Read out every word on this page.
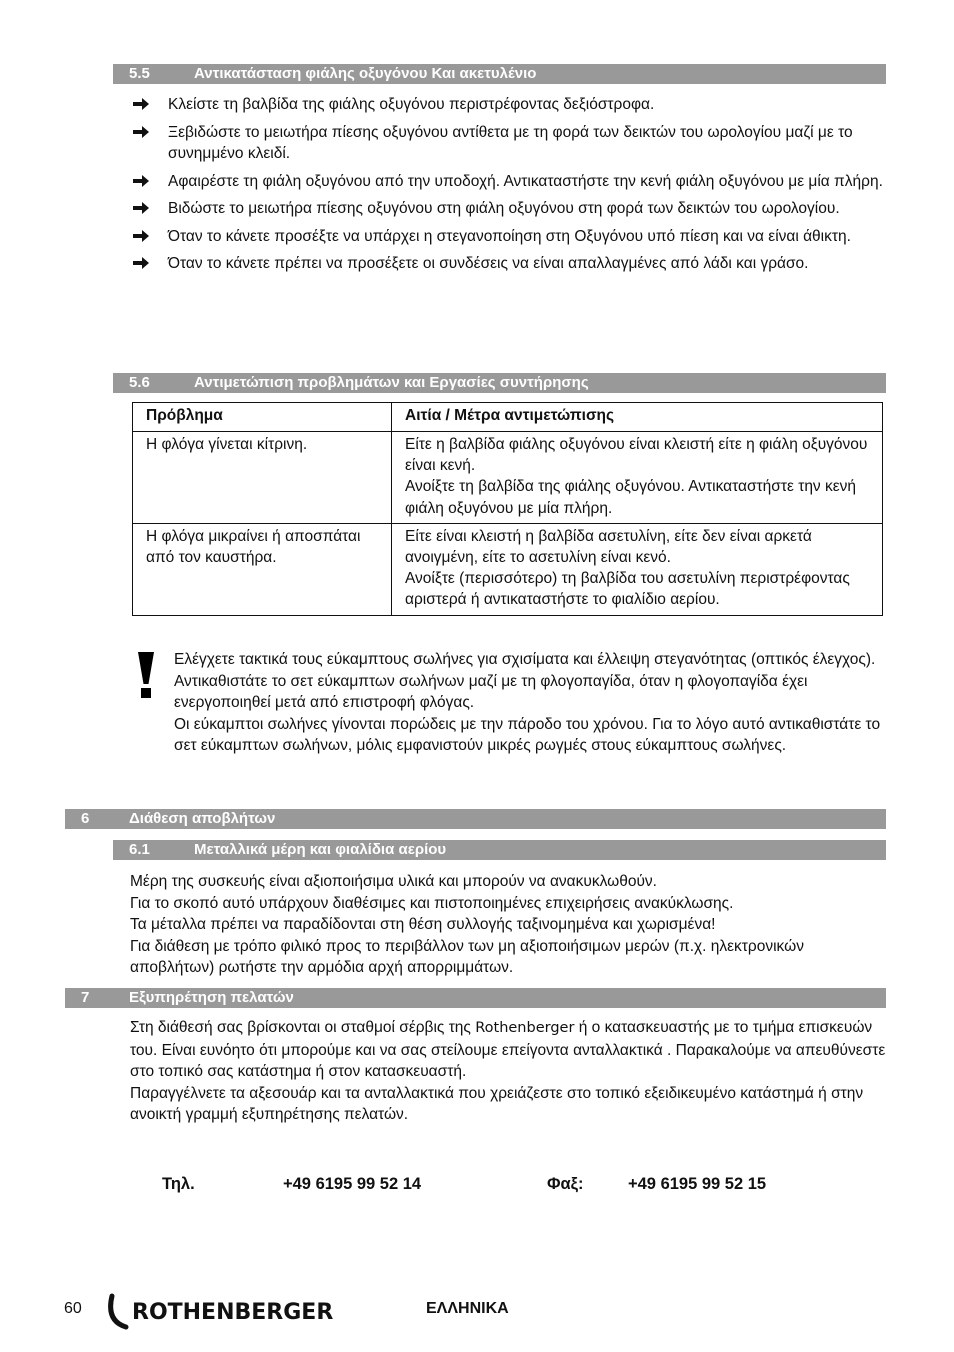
5.5	Αντικατάσταση φιάλης οξυγόνου Και ακετυλένιο
Κλείστε τη βαλβίδα της φιάλης οξυγόνου περιστρέφοντας δεξιόστροφα.
Ξεβιδώστε το μειωτήρα πίεσης οξυγόνου αντίθετα με τη φορά των δεικτών του ωρολογίου μαζί με το συνημμένο κλειδί.
Αφαιρέστε τη φιάλη οξυγόνου από την υποδοχή. Αντικαταστήστε την κενή φιάλη οξυγόνου με μία πλήρη.
Βιδώστε το μειωτήρα πίεσης οξυγόνου στη φιάλη οξυγόνου στη φορά των δεικτών του ωρολογίου.
Όταν το κάνετε προσέξτε να υπάρχει η στεγανοποίηση στη Οξυγόνου υπό πίεση και να είναι άθικτη.
Όταν το κάνετε πρέπει να προσέξετε οι συνδέσεις να είναι απαλλαγμένες από λάδι και γράσο.
5.6	Αντιμετώπιση προβλημάτων και Εργασίες συντήρησης
Πρόβλημα	Αιτία / Μέτρα αντιμετώπισης
Η φλόγα γίνεται κίτρινη.	Είτε η βαλβίδα φιάλης οξυγόνου είναι κλειστή είτε η φιάλη οξυγόνου είναι κενή.
Ανοίξτε τη βαλβίδα της φιάλης οξυγόνου. Αντικαταστήστε την κενή φιάλη οξυγόνου με μία πλήρη.

Η φλόγα μικραίνει ή αποσπάται από τον καυστήρα.	Είτε είναι κλειστή η βαλβίδα ασετυλίνη, είτε δεν είναι αρκετά ανοιγμένη, είτε το ασετυλίνη είναι κενό.
Ανοίξτε (περισσότερο) τη βαλβίδα του ασετυλίνη περιστρέφοντας αριστερά ή αντικαταστήστε το φιαλίδιο αερίου.
Ελέγχετε τακτικά τους εύκαμπτους σωλήνες για σχισίματα και έλλειψη στεγανότητας (οπτικός έλεγχος).
Αντικαθιστάτε το σετ εύκαμπτων σωλήνων μαζί με τη φλογοπαγίδα, όταν η φλογοπαγίδα έχει ενεργοποιηθεί μετά από επιστροφή φλόγας.
Οι εύκαμπτοι σωλήνες γίνονται πορώδεις με την πάροδο του χρόνου. Για το λόγο αυτό αντικαθιστάτε το σετ εύκαμπτων σωλήνων, μόλις εμφανιστούν μικρές ρωγμές στους εύκαμπτους σωλήνες.
6	Διάθεση αποβλήτων
6.1	Μεταλλικά μέρη και φιαλίδια αερίου
Μέρη της συσκευής είναι αξιοποιήσιμα υλικά και μπορούν να ανακυκλωθούν.
Για το σκοπό αυτό υπάρχουν διαθέσιμες και πιστοποιημένες επιχειρήσεις ανακύκλωσης.
Τα μέταλλα πρέπει να παραδίδονται στη θέση συλλογής ταξινομημένα και χωρισμένα!
Για διάθεση με τρόπο φιλικό προς το περιβάλλον των μη αξιοποιήσιμων μερών (π.χ. ηλεκτρονικών αποβλήτων) ρωτήστε την αρμόδια αρχή απορριμμάτων.
7	Εξυπηρέτηση πελατών
Στη διάθεσή σας βρίσκονται οι σταθμοί σέρβις της Rothenberger ή ο κατασκευαστής με το τμήμα επισκευών του. Είναι ευνόητο ότι μπορούμε και να σας στείλουμε επείγοντα ανταλλακτικά . Παρακαλούμε να απευθύνεστε στο τοπικό σας κατάστημα ή στον κατασκευαστή.
Παραγγέλνετε τα αξεσουάρ και τα ανταλλακτικά που χρειάζεστε στο τοπικό εξειδικευμένο κατάστημά ή στην ανοικτή γραμμή εξυπηρέτησης πελατών.
Τηλ.	+49 6195 99 52 14	Φαξ:	+49 6195 99 52 15
60 ROTHENBERGER	ΕΛΛΗΝΙΚΑ
